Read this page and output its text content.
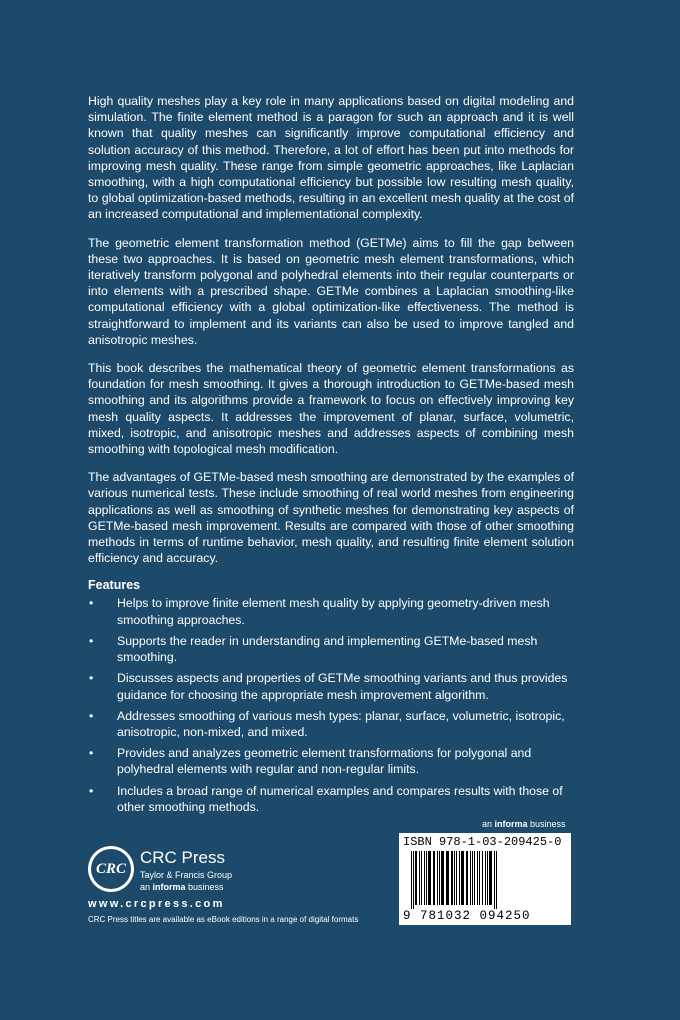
High quality meshes play a key role in many applications based on digital modeling and simulation. The finite element method is a paragon for such an approach and it is well known that quality meshes can significantly improve computational efficiency and solution accuracy of this method. Therefore, a lot of effort has been put into methods for improving mesh quality. These range from simple geometric approaches, like Laplacian smoothing, with a high computational efficiency but possible low resulting mesh quality, to global optimization-based methods, resulting in an excellent mesh quality at the cost of an increased computational and implementational complexity.

The geometric element transformation method (GETMe) aims to fill the gap between these two approaches. It is based on geometric mesh element transformations, which iteratively transform polygonal and polyhedral elements into their regular counterparts or into elements with a prescribed shape. GETMe combines a Laplacian smoothing-like computational efficiency with a global optimization-like effectiveness. The method is straightforward to implement and its variants can also be used to improve tangled and anisotropic meshes.

This book describes the mathematical theory of geometric element transformations as foundation for mesh smoothing. It gives a thorough introduction to GETMe-based mesh smoothing and its algorithms provide a framework to focus on effectively improving key mesh quality aspects. It addresses the improvement of planar, surface, volumetric, mixed, isotropic, and anisotropic meshes and addresses aspects of combining mesh smoothing with topological mesh modification.

The advantages of GETMe-based mesh smoothing are demonstrated by the examples of various numerical tests. These include smoothing of real world meshes from engineering applications as well as smoothing of synthetic meshes for demonstrating key aspects of GETMe-based mesh improvement. Results are compared with those of other smoothing methods in terms of runtime behavior, mesh quality, and resulting finite element solution efficiency and accuracy.

Features
• Helps to improve finite element mesh quality by applying geometry-driven mesh smoothing approaches.
• Supports the reader in understanding and implementing GETMe-based mesh smoothing.
• Discusses aspects and properties of GETMe smoothing variants and thus provides guidance for choosing the appropriate mesh improvement algorithm.
• Addresses smoothing of various mesh types: planar, surface, volumetric, isotropic, anisotropic, non-mixed, and mixed.
• Provides and analyzes geometric element transformations for polygonal and polyhedral elements with regular and non-regular limits.
• Includes a broad range of numerical examples and compares results with those of other smoothing methods.
an informa business
ISBN 978-1-03-209425-0
9 781032 094250
CRC
CRC Press
Taylor & Francis Group
an informa business
www.crcpress.com
CRC Press titles are available as eBook editions in a range of digital formats
